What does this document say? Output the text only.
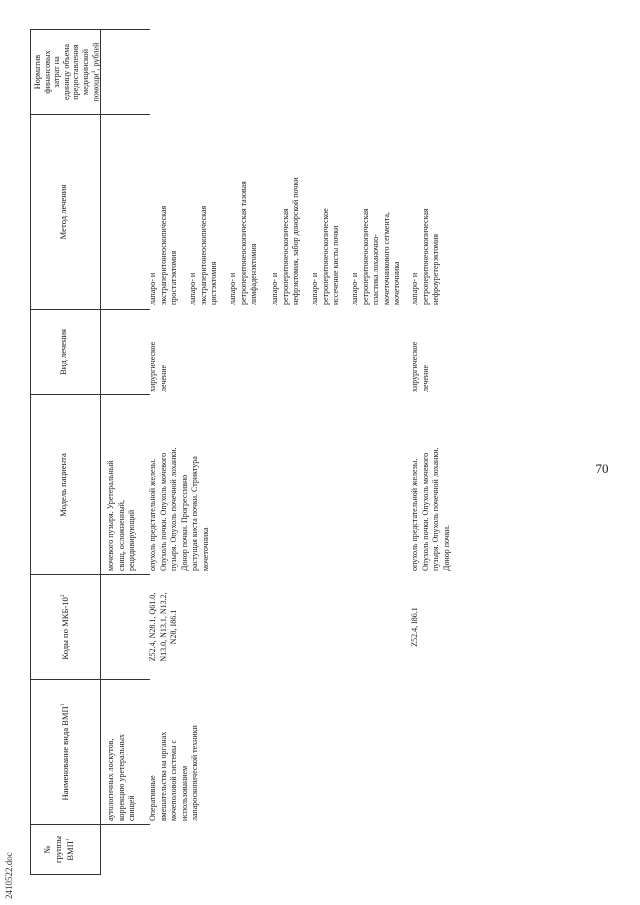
2410522.doc
70
№ группы ВМП$^1$
Наименование вида ВМП$^1$
Коды по МКБ-$10^2$
Модель пациента
Вид лечения
Метод лечения
Норматив финансовых затрат на единицу объема предоставления медицинской помощи$^3$, рублей
аутологичных лоскутов, коррекцию уретеральных свищей
мочевого пузыря. Уретеральный свищ, осложненный, рецидивирующий
Оперативные вмешательства на органах мочеполовой системы с использованием лапароскопической техники
Z52.4, N28.1, Q61.0, N13.0, N13.1, N13.2, N28, I86.1
опухоль предстательной железы. Опухоль почки. Опухоль мочевого пузыря. Опухоль почечной лоханки. Донор почки. Прогрессивно растущая киста почки. Стриктура мочеточника
хирургическое лечение
лапаро- и экстраперитонеоскопическая простатэктомия лапаро- и экстраперитонеоскопическая цистэктомия лапаро- и ретроперитонеоскопическая тазовая лимфаденэктомия лапаро- и ретроперитонеоскопическая нефрэктомия, забор донорской почки лапаро- и ретроперитонеоскопическое иссечение кисты почки лапаро- и ретроперитонеоскопическая пластика лоханочно- мочеточникового сегмента, мочеточника
Z52.4, I86.1
опухоль предстательной железы. Опухоль почки. Опухоль мочевого пузыря. Опухоль почечной лоханки. Донор почки.
хирургическое лечение
лапаро- и ретроперитонеоскопическая нефроуретерэктомия
